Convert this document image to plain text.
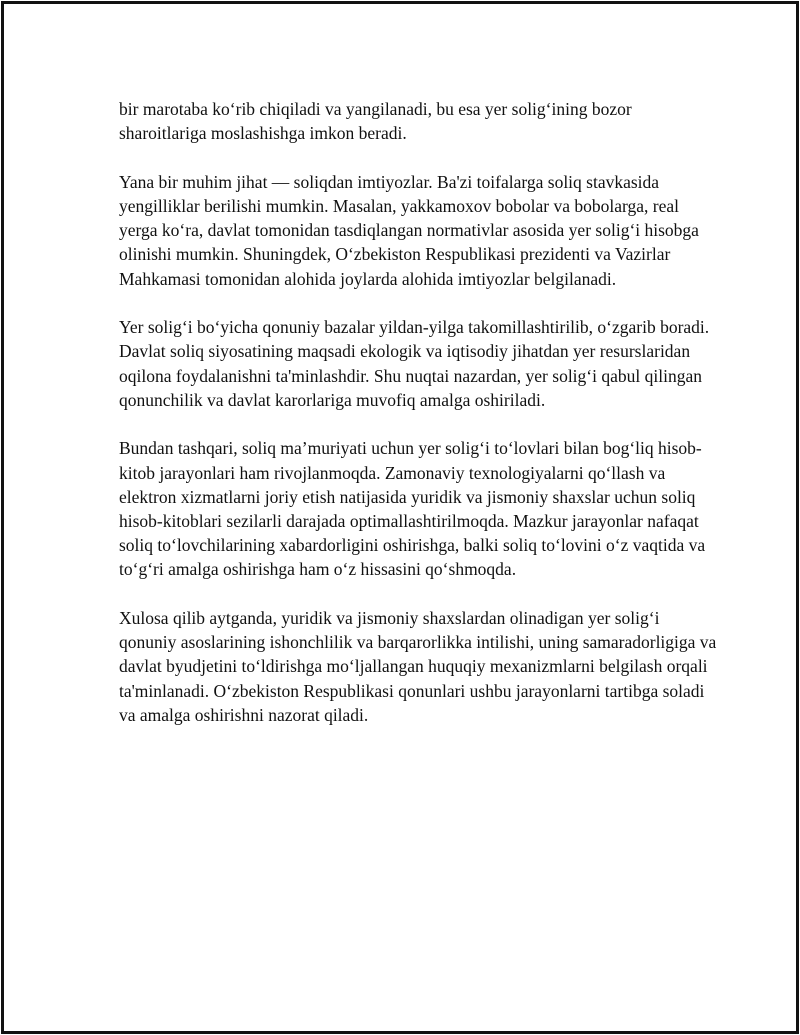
bir marotaba ko‘rib chiqiladi va yangilanadi, bu esa yer solig‘ining bozor sharoitlariga moslashishga imkon beradi.

Yana bir muhim jihat — soliqdan imtiyozlar. Ba'zi toifalarga soliq stavkasida yengilliklar berilishi mumkin. Masalan, yakkamoxov bobolar va bobolarga, real yerga ko‘ra, davlat tomonidan tasdiqlangan normativlar asosida yer solig‘i hisobga olinishi mumkin. Shuningdek, O‘zbekiston Respublikasi prezidenti va Vazirlar Mahkamasi tomonidan alohida joylarda alohida imtiyozlar belgilanadi.

Yer solig‘i bo‘yicha qonuniy bazalar yildan-yilga takomillashtirilib, o‘zgarib boradi. Davlat soliq siyosatining maqsadi ekologik va iqtisodiy jihatdan yer resurslaridan oqilona foydalanishni ta'minlashdir. Shu nuqtai nazardan, yer solig‘i qabul qilingan qonunchilik va davlat karorlariga muvofiq amalga oshiriladi.

Bundan tashqari, soliq ma’muriyati uchun yer solig‘i to‘lovlari bilan bog‘liq hisob-kitob jarayonlari ham rivojlanmoqda. Zamonaviy texnologiyalarni qo‘llash va elektron xizmatlarni joriy etish natijasida yuridik va jismoniy shaxslar uchun soliq hisob-kitoblari sezilarli darajada optimallashtirilmoqda. Mazkur jarayonlar nafaqat soliq to‘lovchilarining xabardorligini oshirishga, balki soliq to‘lovini o‘z vaqtida va to‘g‘ri amalga oshirishga ham o‘z hissasini qo‘shmoqda.

Xulosa qilib aytganda, yuridik va jismoniy shaxslardan olinadigan yer solig‘i qonuniy asoslarining ishonchlilik va barqarorlikka intilishi, uning samaradorligiga va davlat byudjetini to‘ldirishga mo‘ljallangan huquqiy mexanizmlarni belgilash orqali ta'minlanadi. O‘zbekiston Respublikasi qonunlari ushbu jarayonlarni tartibga soladi va amalga oshirishni nazorat qiladi.
